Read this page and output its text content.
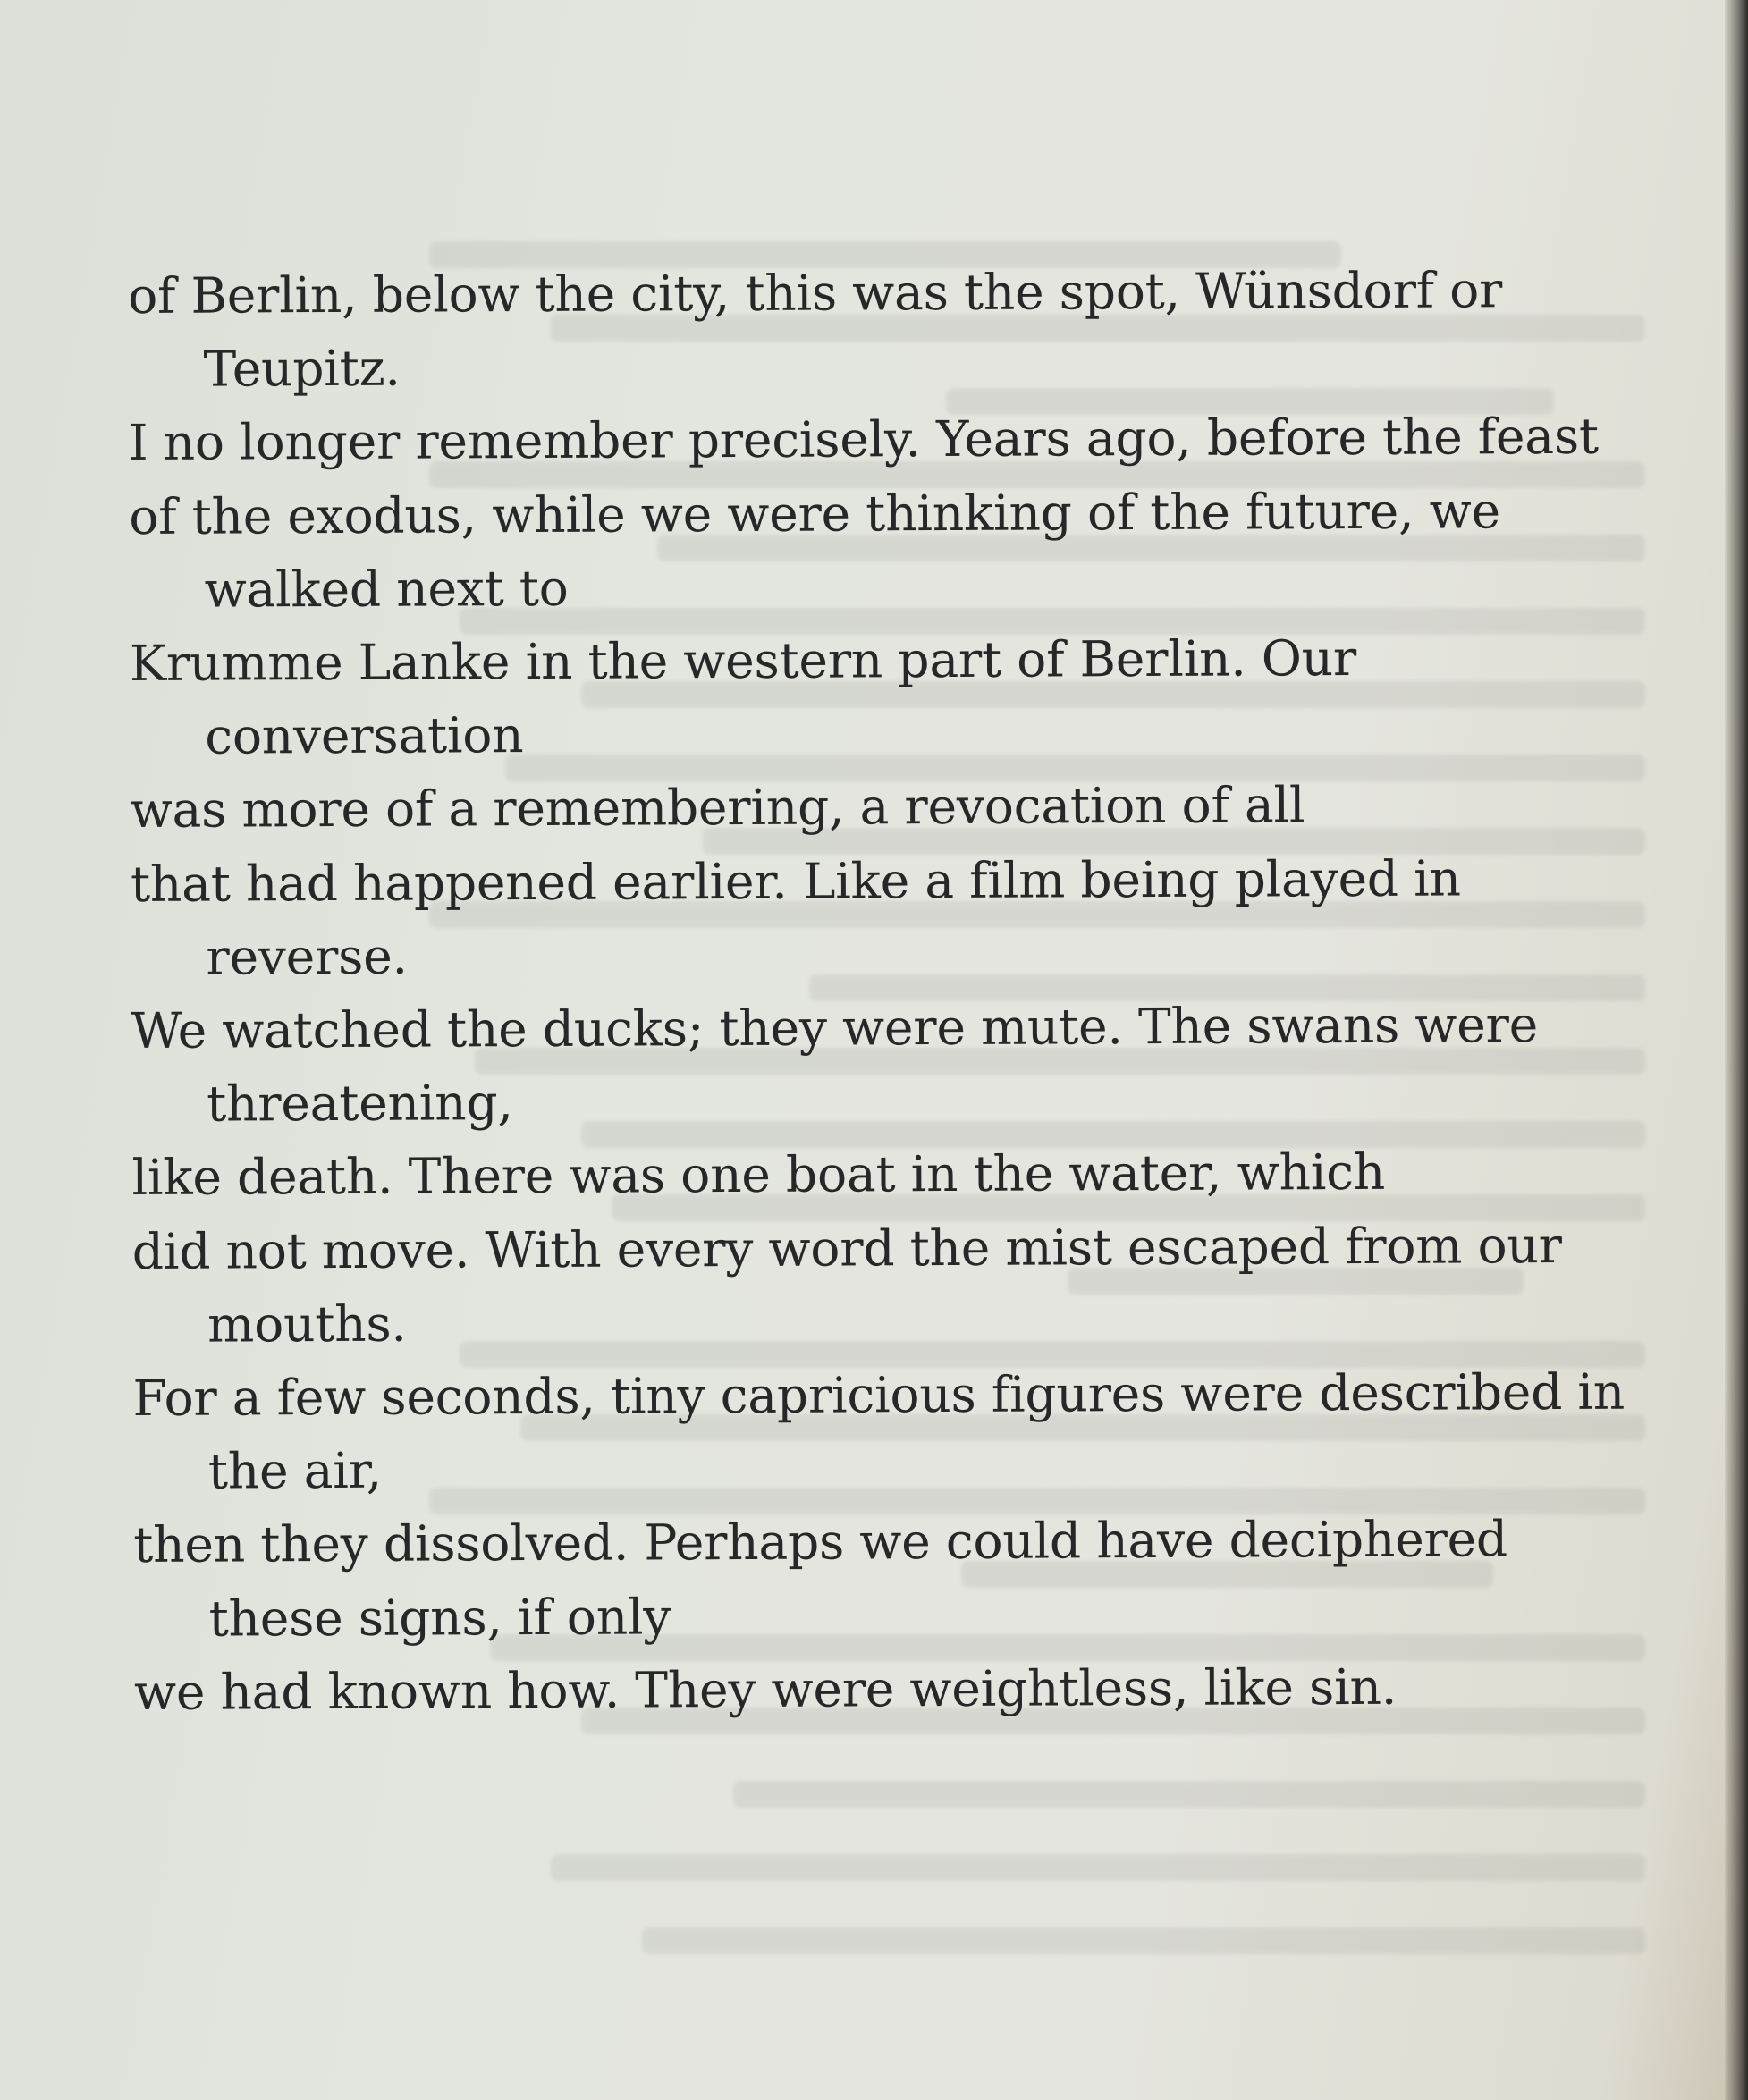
of Berlin, below the city, this was the spot, Wünsdorf or

Teupitz.

I no longer remember precisely. Years ago, before the feast

of the exodus, while we were thinking of the future, we

walked next to

Krumme Lanke in the western part of Berlin. Our

conversation

was more of a remembering, a revocation of all

that had happened earlier. Like a film being played in

reverse.

We watched the ducks; they were mute. The swans were

threatening,

like death. There was one boat in the water, which

did not move. With every word the mist escaped from our

mouths.

For a few seconds, tiny capricious figures were described in

the air,

then they dissolved. Perhaps we could have deciphered

these signs, if only

we had known how. They were weightless, like sin.
